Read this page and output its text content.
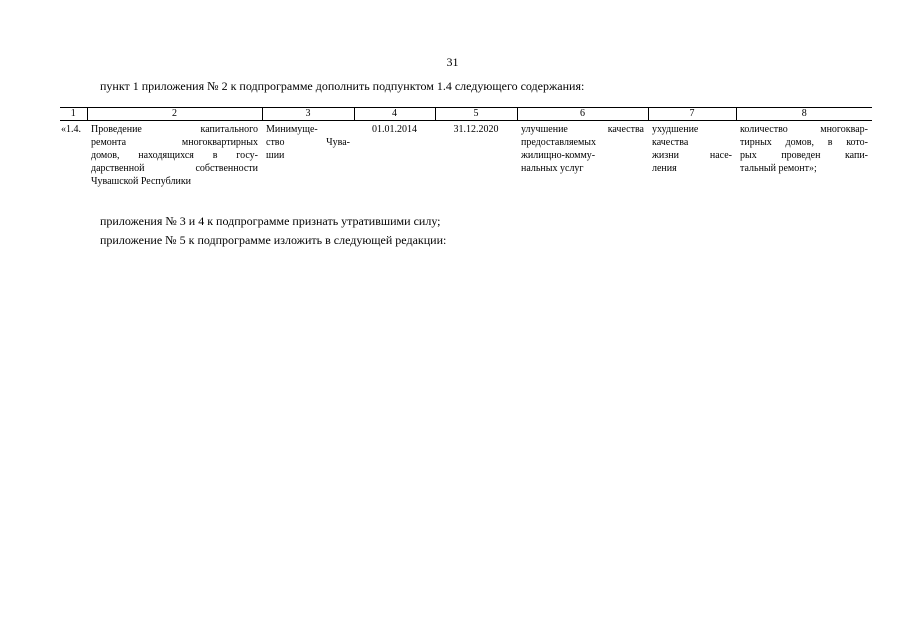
31
пункт 1 приложения № 2 к подпрограмме дополнить подпунктом 1.4 следующего содержания:
1	2	3	4	5	6	7	8
«1.4.	Проведение капитального
ремонта многоквартирных
домов, находящихся в госу-
дарственной собственности
Чувашской Республики	Минимуще-
ство Чува-
шии	01.01.2014	31.12.2020	улучшение качества
предоставляемых
жилищно-комму-
нальных услуг	ухудшение
качества
жизни насе-
ления	количество многоквар-
тирных домов, в кото-
рых проведен капи-
тальный ремонт»;
приложения № 3 и 4 к подпрограмме признать утратившими силу;
приложение № 5 к подпрограмме изложить в следующей редакции:
